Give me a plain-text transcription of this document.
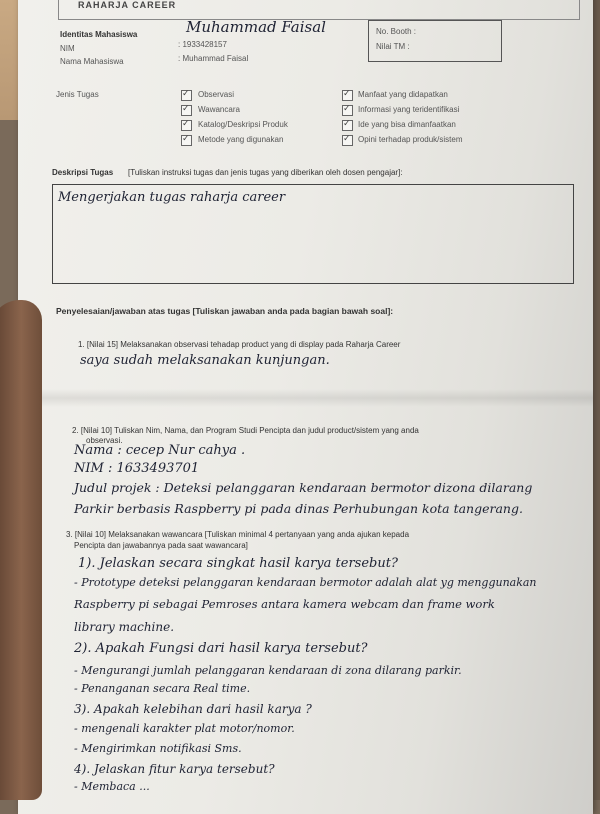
RAHARJA CAREER
Identitas Mahasiswa	Muhammad Faisal
NIM	: 1933428157
Nama Mahasiswa	: Muhammad Faisal
No. Booth :
Nilai TM :
Jenis Tugas
✓	Observasi
✓
Wawancara
✓
Katalog/Deskripsi Produk
✓
Metode yang digunakan
✓
Manfaat yang didapatkan
✓
Informasi yang teridentifikasi
✓
Ide yang bisa dimanfaatkan
✓
Opini terhadap produk/sistem
Deskripsi Tugas [Tuliskan instruksi tugas dan jenis tugas yang diberikan oleh dosen pengajar]:
Mengerjakan tugas raharja career
Penyelesaian/jawaban atas tugas [Tuliskan jawaban anda pada bagian bawah soal]:
1. [Nilai 15] Melaksanakan observasi tehadap product yang di display pada Raharja Career
saya sudah melaksanakan kunjungan.
2. [Nilai 10] Tuliskan Nim, Nama, dan Program Studi Pencipta dan judul product/sistem yang anda
observasi.
Nama : cecep Nur cahya .
NIM : 1633493701
Judul projek : Deteksi pelanggaran kendaraan bermotor dizona dilarang
Parkir berbasis Raspberry pi pada dinas Perhubungan kota tangerang.
3. [Nilai 10] Melaksanakan wawancara [Tuliskan minimal 4 pertanyaan yang anda ajukan kepada
Pencipta dan jawabannya pada saat wawancara]
1). Jelaskan secara singkat hasil karya tersebut?
- Prototype deteksi pelanggaran kendaraan bermotor adalah alat yg menggunakan
Raspberry pi sebagai Pemroses antara kamera webcam dan frame work
library machine.
2). Apakah Fungsi dari hasil karya tersebut?
- Mengurangi jumlah pelanggaran kendaraan di zona dilarang parkir.
- Penanganan secara Real time.
3). Apakah kelebihan dari hasil karya ?
- mengenali karakter plat motor/nomor.
- Mengirimkan notifikasi Sms.
4). Jelaskan fitur karya tersebut?
- Membaca ...
